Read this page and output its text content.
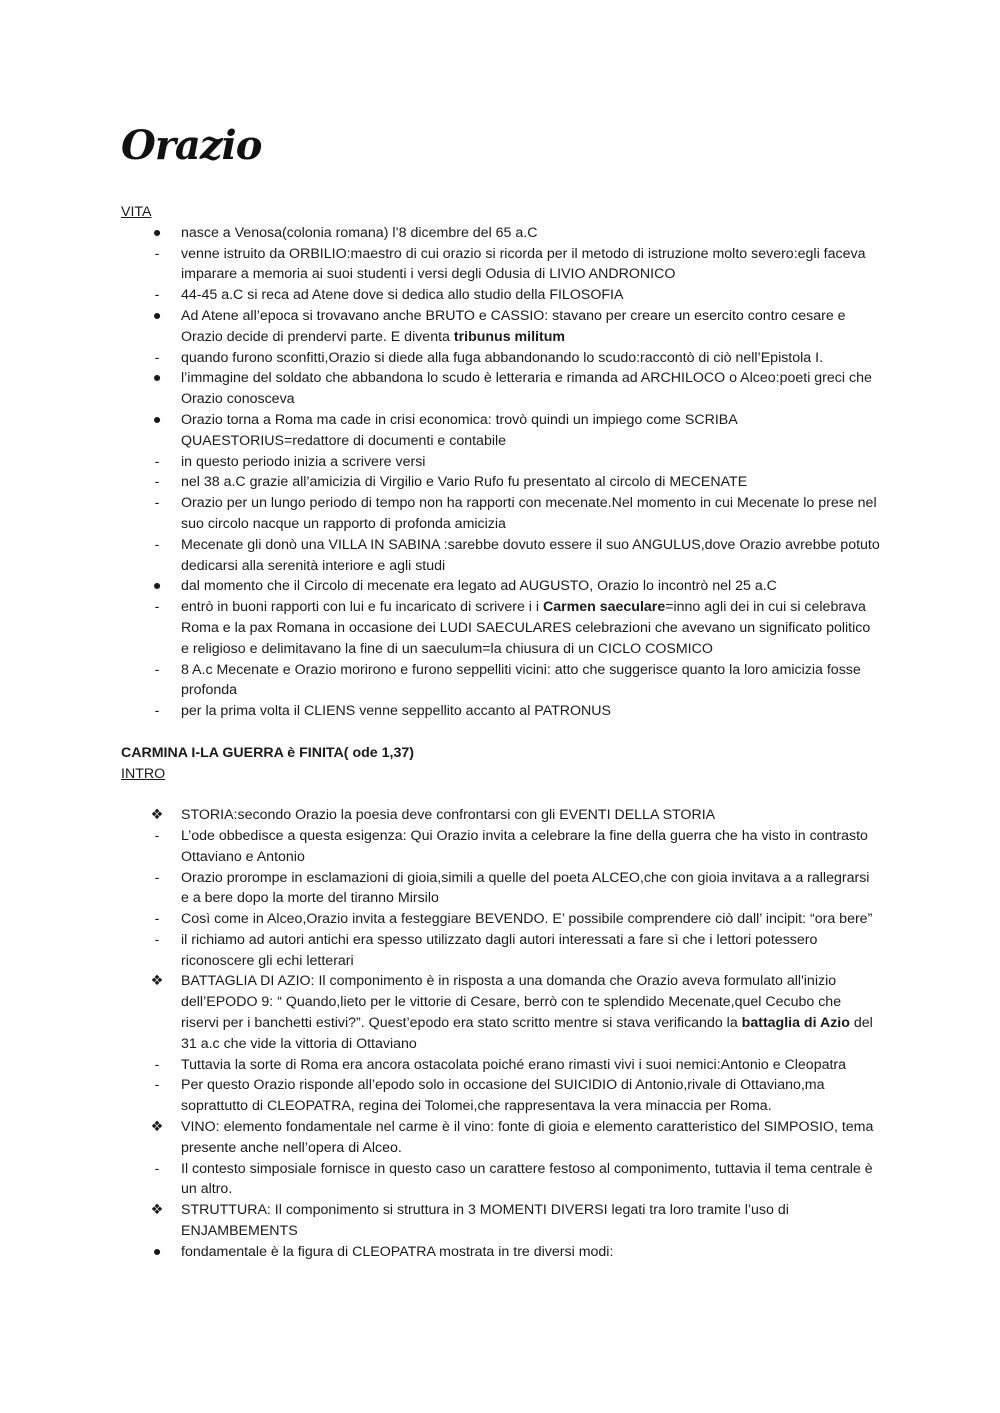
Orazio

VITA

● nasce a Venosa(colonia romana) l’8 dicembre del 65 a.C
-	venne istruito da ORBILIO:maestro di cui orazio si ricorda per il metodo di istruzione molto severo:egli faceva imparare a memoria ai suoi studenti i versi degli Odusia di LIVIO ANDRONICO
-	44-45 a.C si reca ad Atene dove si dedica allo studio della FILOSOFIA
● Ad Atene all’epoca si trovavano anche BRUTO e CASSIO: stavano per creare un esercito contro cesare e Orazio decide di prendervi parte. E diventa tribunus militum
-	quando furono sconfitti,Orazio si diede alla fuga abbandonando lo scudo:raccontò di ciò nell’Epistola I.
● l’immagine del soldato che abbandona lo scudo è letteraria e rimanda ad ARCHILOCO o Alceo:poeti greci che Orazio conosceva
● Orazio torna a Roma ma cade in crisi economica: trovò quindi un impiego come SCRIBA QUAESTORIUS=redattore di documenti e contabile
-	in questo periodo inizia a scrivere versi
-	nel 38 a.C grazie all’amicizia di Virgilio e Vario Rufo fu presentato al circolo di MECENATE
-	Orazio per un lungo periodo di tempo non ha rapporti con mecenate.Nel momento in cui Mecenate lo prese nel suo circolo nacque un rapporto di profonda amicizia
-	Mecenate gli donò una VILLA IN SABINA :sarebbe dovuto essere il suo ANGULUS,dove Orazio avrebbe potuto dedicarsi alla serenità interiore e agli studi
● dal momento che il Circolo di mecenate era legato ad AUGUSTO, Orazio lo incontrò nel 25 a.C
-	entrò in buoni rapporti con lui e fu incaricato di scrivere i i Carmen saeculare=inno agli dei in cui si celebrava Roma e la pax Romana in occasione dei LUDI SAECULARES celebrazioni che avevano un significato politico e religioso e delimitavano la fine di un saeculum=la chiusura di un CICLO COSMICO
-	8 A.c Mecenate e Orazio morirono e furono seppelliti vicini: atto che suggerisce quanto la loro amicizia fosse profonda
-	per la prima volta il CLIENS venne seppellito accanto al PATRONUS

CARMINA I-LA GUERRA è FINITA( ode 1,37)

INTRO

❖ STORIA:secondo Orazio la poesia deve confrontarsi con gli EVENTI DELLA STORIA
-	L’ode obbedisce a questa esigenza: Qui Orazio invita a celebrare la fine della guerra che ha visto in contrasto Ottaviano e Antonio
-	Orazio prorompe in esclamazioni di gioia,simili a quelle del poeta ALCEO,che con gioia invitava a a rallegrarsi e a bere dopo la morte del tiranno Mirsilo
-	Così come in Alceo,Orazio invita a festeggiare BEVENDO. E’ possibile comprendere ciò dall’ incipit: “ora bere”
-	il richiamo ad autori antichi era spesso utilizzato dagli autori interessati a fare sì che i lettori potessero riconoscere gli echi letterari
❖ BATTAGLIA DI AZIO: Il componimento è in risposta a una domanda che Orazio aveva formulato all'inizio dell’EPODO 9: “ Quando,lieto per le vittorie di Cesare, berrò con te splendido Mecenate,quel Cecubo che riservi per i banchetti estivi?”. Quest’epodo era stato scritto mentre si stava verificando la battaglia di Azio del 31 a.c che vide la vittoria di Ottaviano
-	Tuttavia la sorte di Roma era ancora ostacolata poiché erano rimasti vivi i suoi nemici:Antonio e Cleopatra
-	Per questo Orazio risponde all’epodo solo in occasione del SUICIDIO di Antonio,rivale di Ottaviano,ma soprattutto di CLEOPATRA, regina dei Tolomei,che rappresentava la vera minaccia per Roma.
❖ VINO: elemento fondamentale nel carme è il vino: fonte di gioia e elemento caratteristico del SIMPOSIO, tema presente anche nell’opera di Alceo.
-	Il contesto simposiale fornisce in questo caso un carattere festoso al componimento, tuttavia il tema centrale è un altro.
❖ STRUTTURA: Il componimento si struttura in 3 MOMENTI DIVERSI legati tra loro tramite l’uso di ENJAMBEMENTS
● fondamentale è la figura di CLEOPATRA mostrata in tre diversi modi:
